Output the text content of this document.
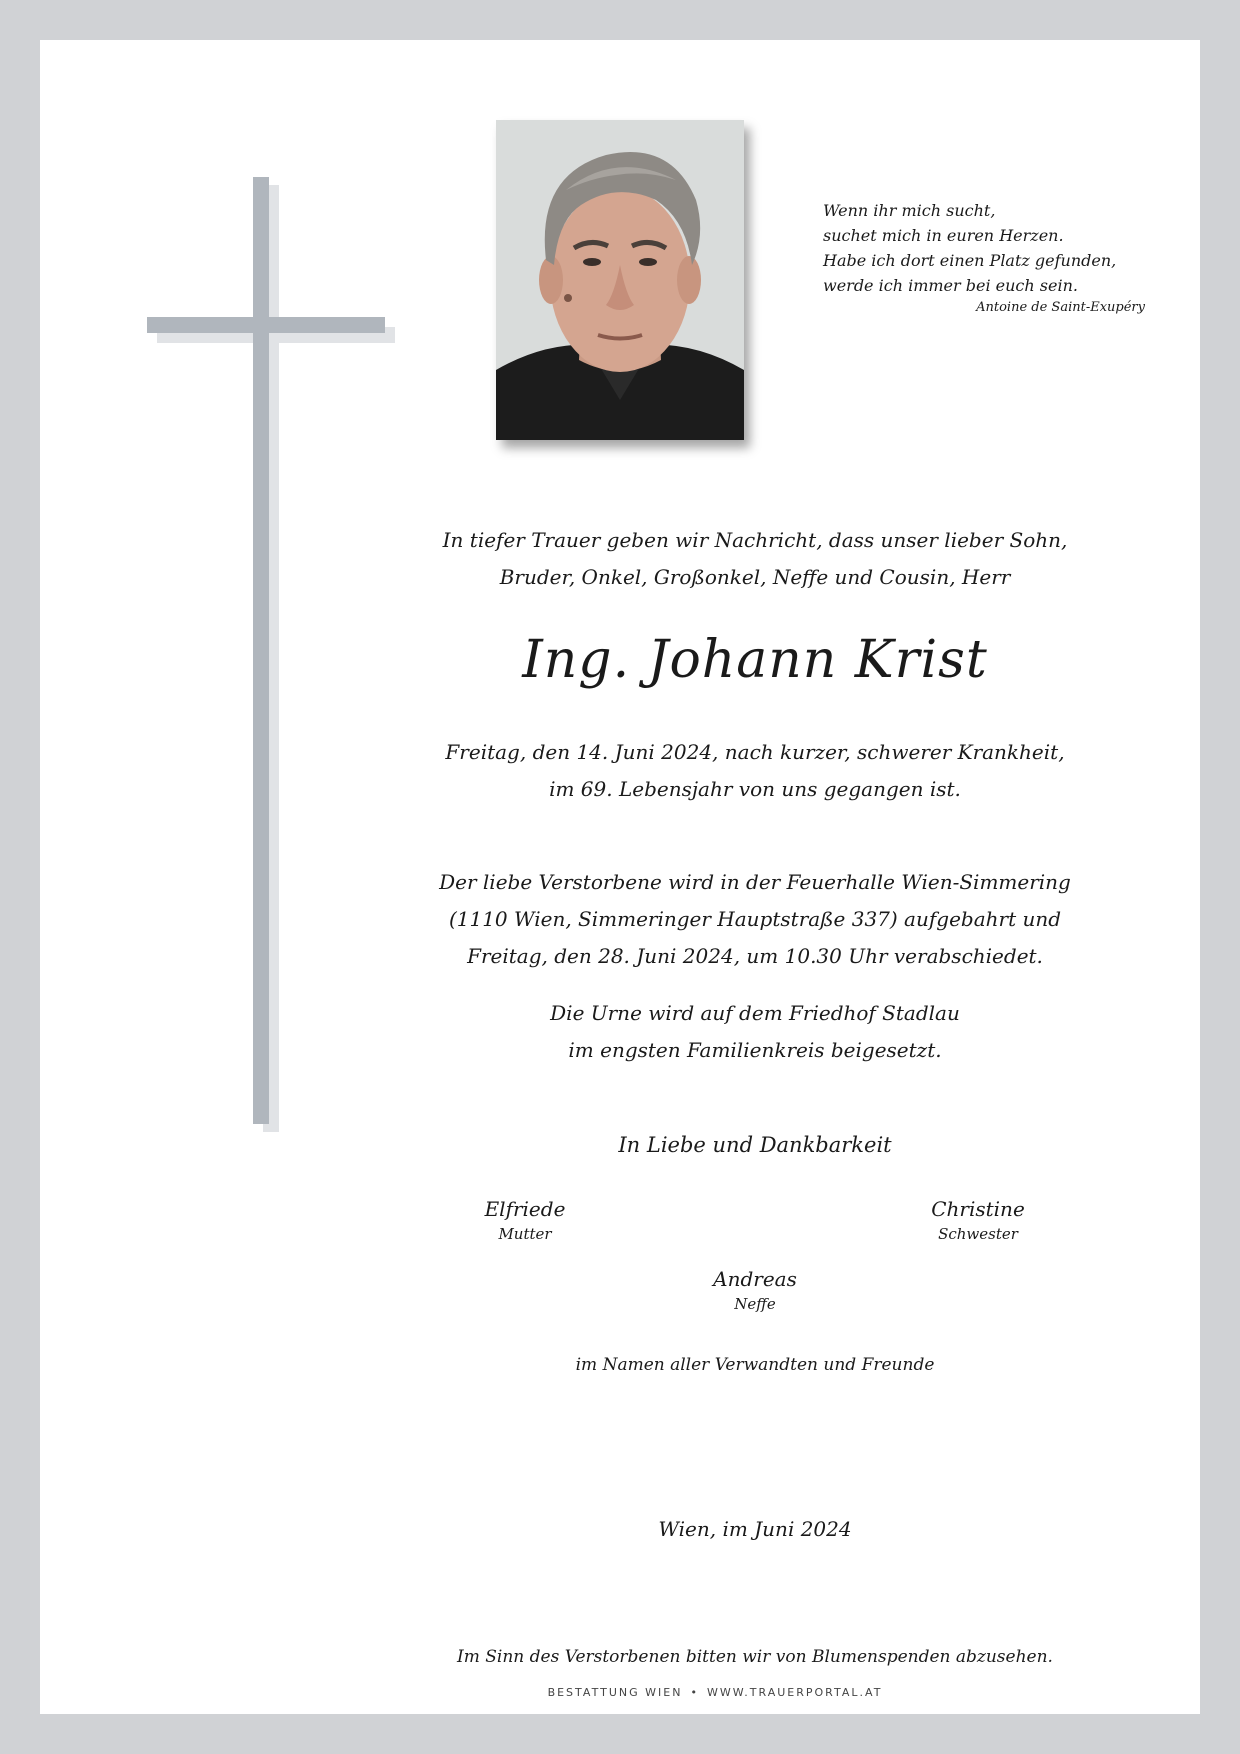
Wenn ihr mich sucht,
suchet mich in euren Herzen.
Habe ich dort einen Platz gefunden,
werde ich immer bei euch sein.
Antoine de Saint-Exupéry
In tiefer Trauer geben wir Nachricht, dass unser lieber Sohn,
Bruder, Onkel, Großonkel, Neffe und Cousin, Herr
Ing. Johann Krist
Freitag, den 14. Juni 2024, nach kurzer, schwerer Krankheit,
im 69. Lebensjahr von uns gegangen ist.
Der liebe Verstorbene wird in der Feuerhalle Wien-Simmering
(1110 Wien, Simmeringer Hauptstraße 337) aufgebahrt und
Freitag, den 28. Juni 2024, um 10.30 Uhr verabschiedet.
Die Urne wird auf dem Friedhof Stadlau
im engsten Familienkreis beigesetzt.
In Liebe und Dankbarkeit
Elfriede
Mutter
Christine
Schwester
Andreas
Neffe
im Namen aller Verwandten und Freunde
Wien, im Juni 2024
Im Sinn des Verstorbenen bitten wir von Blumenspenden abzusehen.
BESTATTUNG WIEN • WWW.TRAUERPORTAL.AT
